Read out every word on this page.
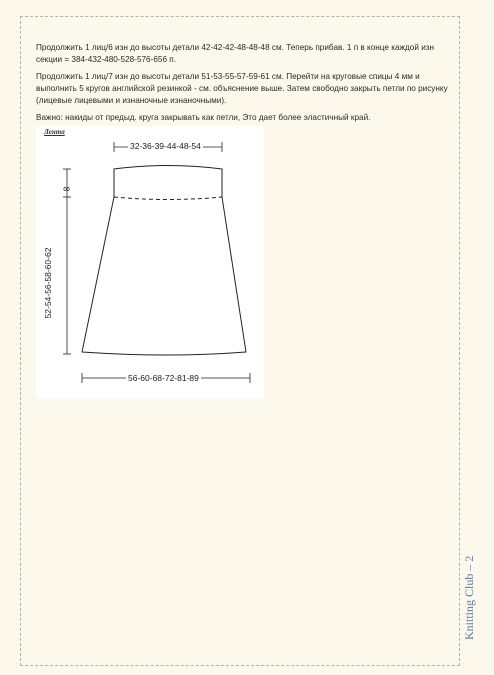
Продолжить 1 лиц/6 изн до высоты детали 42-42-42-48-48-48 см. Теперь прибав. 1 п в конце каждой изн секции = 384-432-480-528-576-656 п.

Продолжить 1 лиц/7 изн до высоты детали 51-53-55-57-59-61 см. Перейти на круговые спицы 4 мм и выполнить 5 кругов английской резинкой - см. объяснение выше. Затем свободно закрыть петли по рисунку (лицевые лицевыми и изнаночные изнаночными).

Важно: накиды от предыд. круга закрывать как петли, Это дает более эластичный край.

Лента
32-36-39-44-48-54
8
52-54-56-58-60-62
56-60-68-72-81-89
Knitting Club – 2
